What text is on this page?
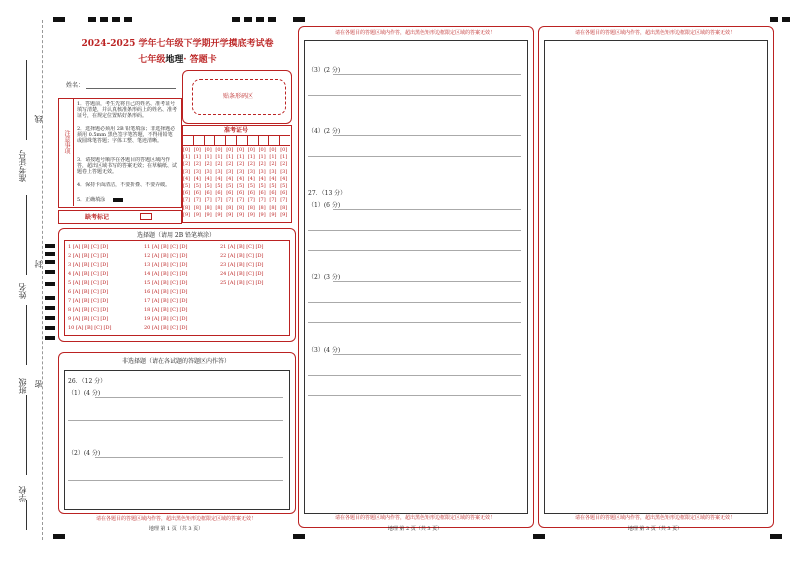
准考证号
线
姓名
封
班级 密
学校
2024-2025 学年七年级下学期开学摸底考试卷
七年级地理· 答题卡
姓名：
贴条形码区
注意事项
1．答题前，考生先将自己的姓名、准考证号填写清楚，并认真核准条形码上的姓名、准考证号，在规定位置贴好条形码。
2．选择题必须用 2B 铅笔填涂；非选择题必须用 0.5mm 黑色签字笔答题，不得用铅笔或圆珠笔答题；字体工整、笔迹清晰。
3．请按题号顺序在各题目的答题区域内作答，超出区域书写的答案无效；在草稿纸、试题卷上答题无效。
4．保持卡面清洁，不要折叠、不要弄破。
5．正确填涂
准考证号
[0]
[1]
[2]
[3]
[4]
[5]
[6]
[7]
[8]
[9]
[0]
[1]
[2]
[3]
[4]
[5]
[6]
[7]
[8]
[9]
[0]
[1]
[2]
[3]
[4]
[5]
[6]
[7]
[8]
[9]
[0]
[1]
[2]
[3]
[4]
[5]
[6]
[7]
[8]
[9]
[0]
[1]
[2]
[3]
[4]
[5]
[6]
[7]
[8]
[9]
[0]
[1]
[2]
[3]
[4]
[5]
[6]
[7]
[8]
[9]
[0]
[1]
[2]
[3]
[4]
[5]
[6]
[7]
[8]
[9]
[0]
[1]
[2]
[3]
[4]
[5]
[6]
[7]
[8]
[9]
[0]
[1]
[2]
[3]
[4]
[5]
[6]
[7]
[8]
[9]
[0]
[1]
[2]
[3]
[4]
[5]
[6]
[7]
[8]
[9]
缺考标记
选择题（请用 2B 铅笔填涂）
1 [A] [B] [C] [D]
2 [A] [B] [C] [D]
3 [A] [B] [C] [D]
4 [A] [B] [C] [D]
5 [A] [B] [C] [D]
6 [A] [B] [C] [D]
7 [A] [B] [C] [D]
8 [A] [B] [C] [D]
9 [A] [B] [C] [D]
10 [A] [B] [C] [D]
11 [A] [B] [C] [D]
12 [A] [B] [C] [D]
13 [A] [B] [C] [D]
14 [A] [B] [C] [D]
15 [A] [B] [C] [D]
16 [A] [B] [C] [D]
17 [A] [B] [C] [D]
18 [A] [B] [C] [D]
19 [A] [B] [C] [D]
20 [A] [B] [C] [D]
21 [A] [B] [C] [D]
22 [A] [B] [C] [D]
23 [A] [B] [C] [D]
24 [A] [B] [C] [D]
25 [A] [B] [C] [D]
非选择题（请在各试题的答题区内作答）
26．（12 分）
（1）(4 分)
（2）(4 分)
请在各题目的答题区域内作答，超出黑色矩形边框限定区域的答案无效！
地理 第 1 页（共 3 页）
请在各题目的答题区域内作答，超出黑色矩形边框限定区域的答案无效！
（3）(2 分)
（4）(2 分)
27．（13 分）
（1）(6 分)
（2）(3 分)
（3）(4 分)
请在各题目的答题区域内作答，超出黑色矩形边框限定区域的答案无效！
地理 第 2 页（共 3 页）
请在各题目的答题区域内作答，超出黑色矩形边框限定区域的答案无效！
请在各题目的答题区域内作答，超出黑色矩形边框限定区域的答案无效！
地理 第 3 页（共 3 页）
